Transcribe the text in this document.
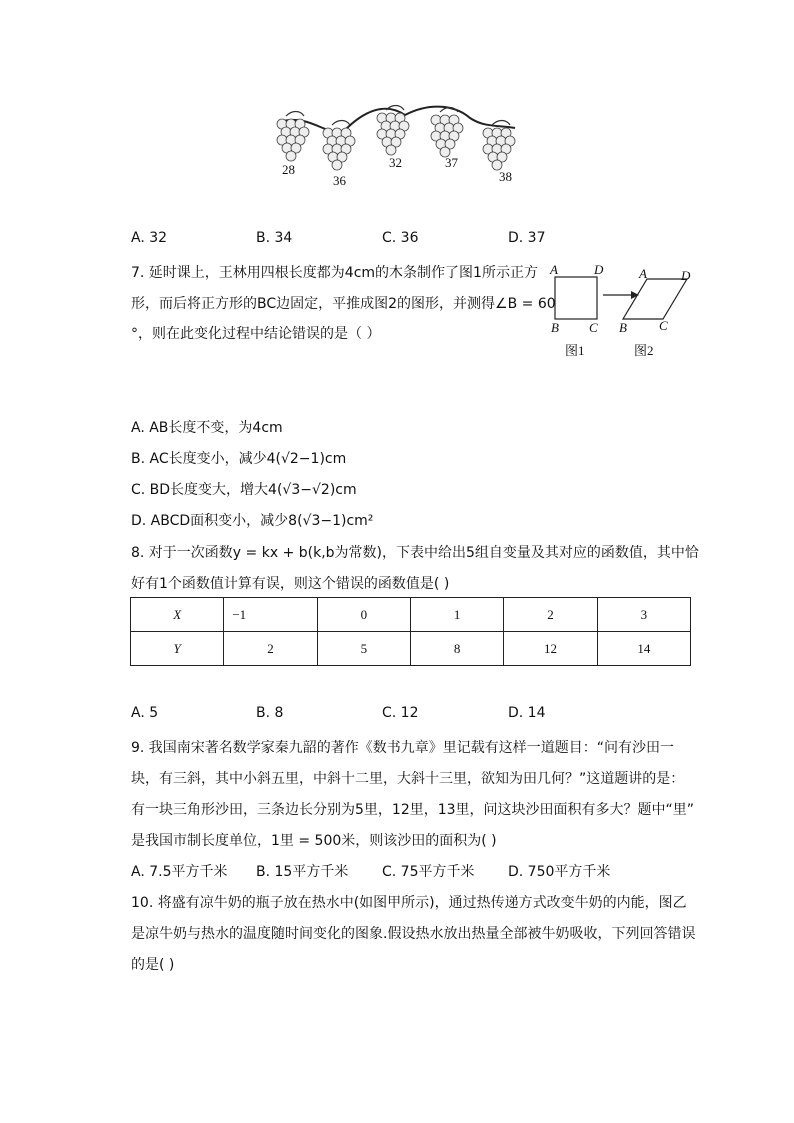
28
36
32	37
38
A. 32	B. 34	C. 36	D. 37
7. 延时课上，王林用四根长度都为4cm的木条制作了图1所示正方
形，而后将正方形的BC边固定，平推成图2的图形，并测得∠B = 60
°，则在此变化过程中结论错误的是（ ）
A	D
B C
A	D
B C
图1	图2
A. AB长度不变，为4cm
B. AC长度变小，减少4(√2−1)cm
C. BD长度变大，增大4(√3−√2)cm
D. ABCD面积变小，减少8(√3−1)cm²
8. 对于一次函数y = kx + b(k,b为常数)，下表中给出5组自变量及其对应的函数值，其中恰
好有1个函数值计算有误，则这个错误的函数值是( )
X	−1	0	1	2	3
Y	2	5	8	12	14
A. 5	B. 8	C. 12	D. 14
9. 我国南宋著名数学家秦九韶的著作《数书九章》里记载有这样一道题目：“问有沙田一
块，有三斜，其中小斜五里，中斜十二里，大斜十三里，欲知为田几何？”这道题讲的是：
有一块三角形沙田，三条边长分别为5里，12里，13里，问这块沙田面积有多大？题中“里”
是我国市制长度单位，1里 = 500米，则该沙田的面积为( )
A. 7.5平方千米 B. 15平方千米 C. 75平方千米 D. 750平方千米
10. 将盛有凉牛奶的瓶子放在热水中(如图甲所示)，通过热传递方式改变牛奶的内能，图乙
是凉牛奶与热水的温度随时间变化的图象.假设热水放出热量全部被牛奶吸收，下列回答错误
的是( )
